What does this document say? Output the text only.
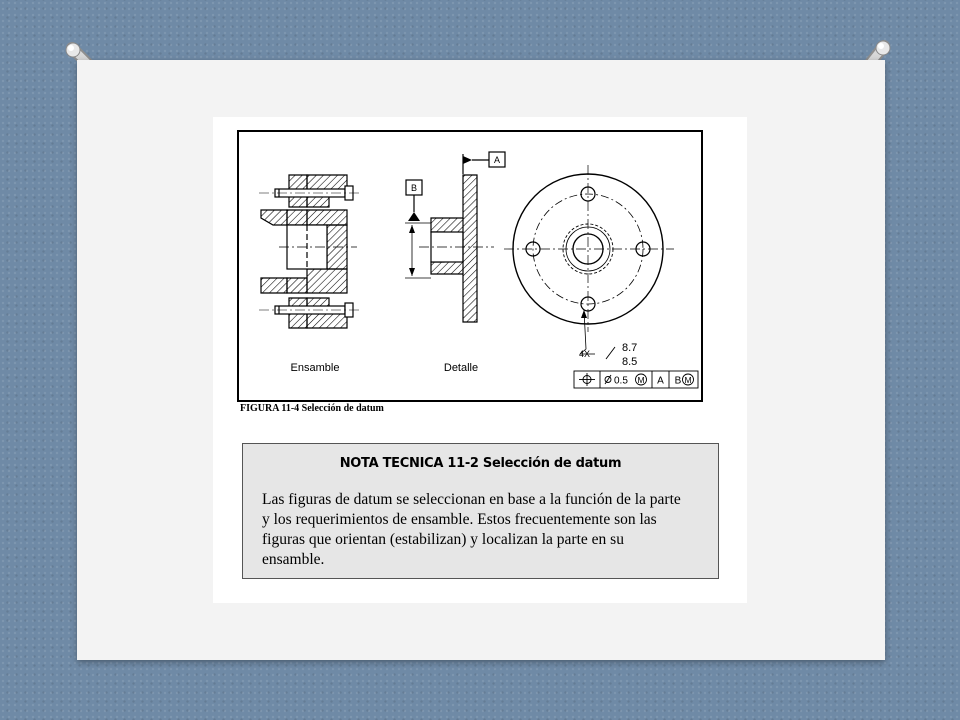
Ensamble
A
B
Detalle
4X	8.7
8.5
0.5 M A B M
FIGURA 11-4 Selección de datum
NOTA TECNICA 11-2 Selección de datum
Las figuras de datum se seleccionan en base a la función de la parte
y los requerimientos de ensamble. Estos frecuentemente son las
figuras que orientan (estabilizan) y localizan la parte en su
ensamble.
